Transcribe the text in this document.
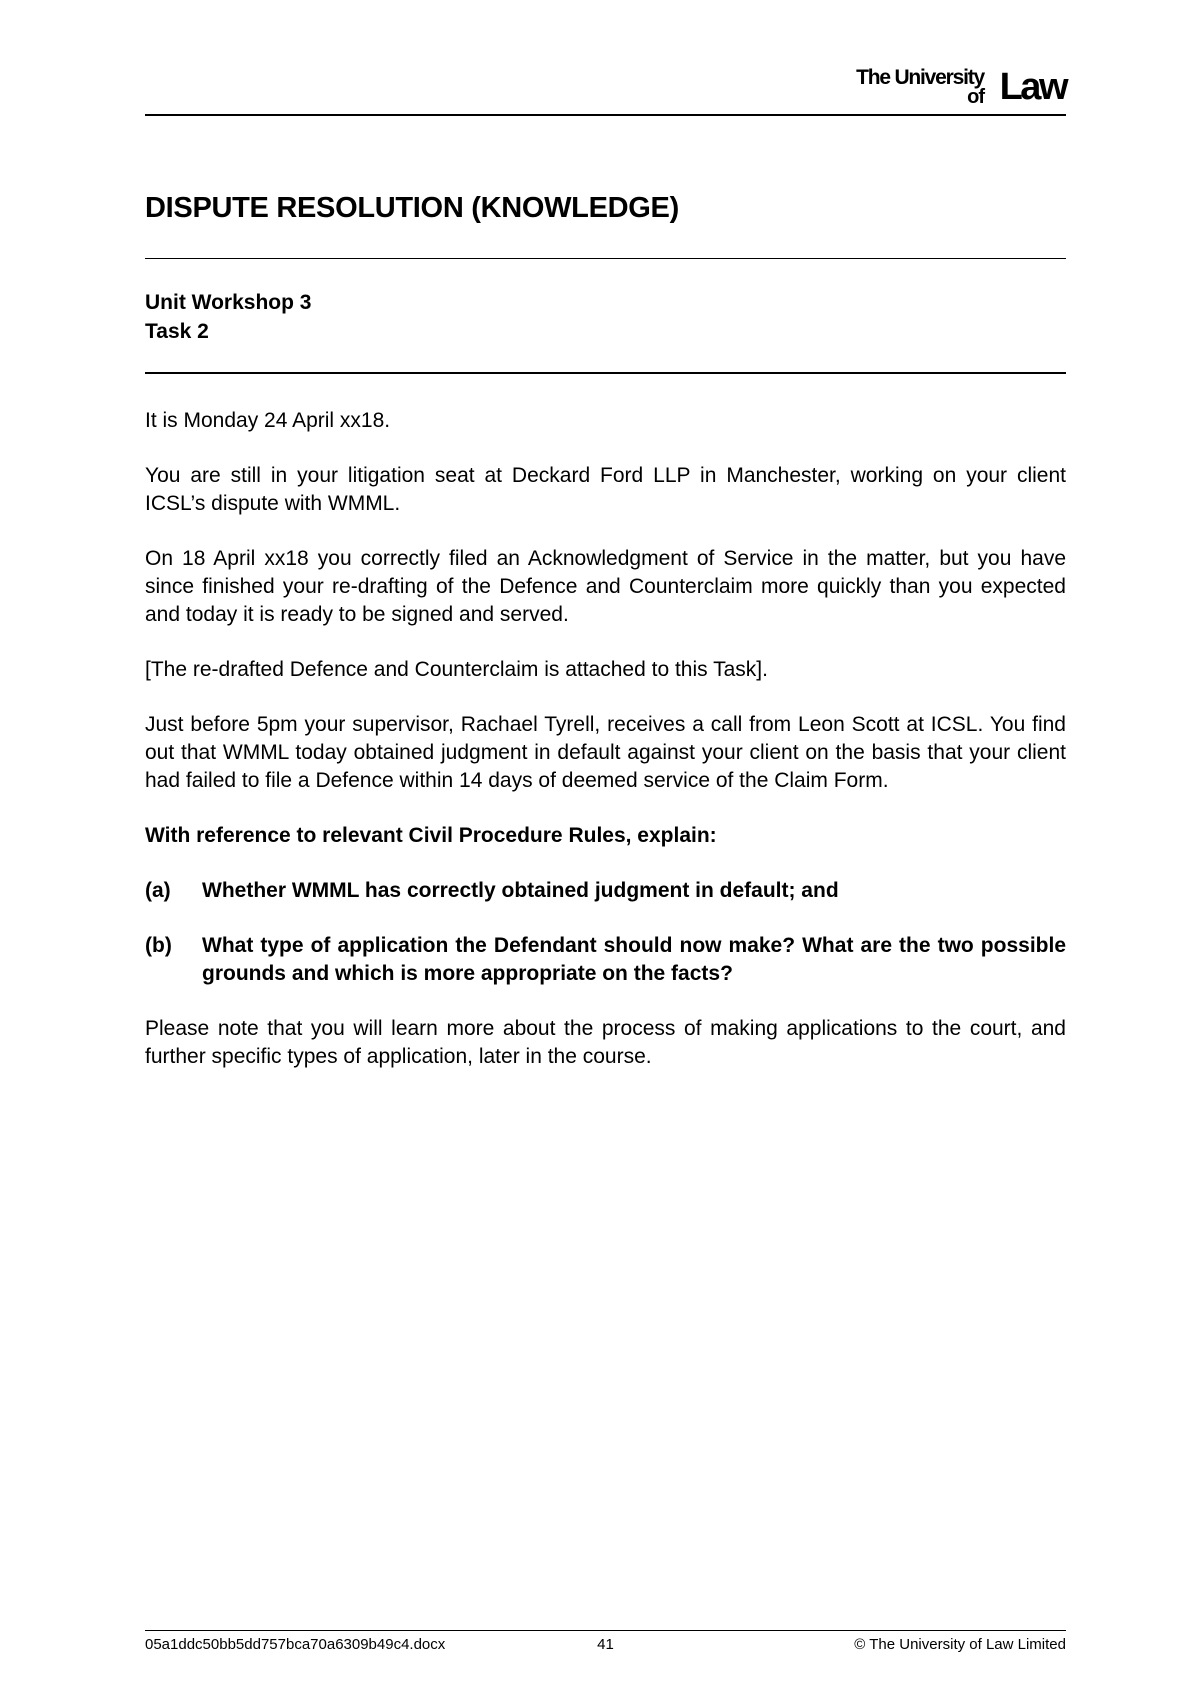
The University
of Law
DISPUTE RESOLUTION (KNOWLEDGE)
Unit Workshop 3
Task 2

It is Monday 24 April xx18.

You are still in your litigation seat at Deckard Ford LLP in Manchester, working on your client ICSL’s dispute with WMML.

On 18 April xx18 you correctly filed an Acknowledgment of Service in the matter, but you have since finished your re-drafting of the Defence and Counterclaim more quickly than you expected and today it is ready to be signed and served.

[The re-drafted Defence and Counterclaim is attached to this Task].

Just before 5pm your supervisor, Rachael Tyrell, receives a call from Leon Scott at ICSL. You find out that WMML today obtained judgment in default against your client on the basis that your client had failed to file a Defence within 14 days of deemed service of the Claim Form.

With reference to relevant Civil Procedure Rules, explain:

(a)	Whether WMML has correctly obtained judgment in default; and
(b)	What type of application the Defendant should now make? What are the two possible grounds and which is more appropriate on the facts?

Please note that you will learn more about the process of making applications to the court, and further specific types of application, later in the course.

05a1ddc50bb5dd757bca70a6309b49c4.docx	41	© The University of Law Limited
